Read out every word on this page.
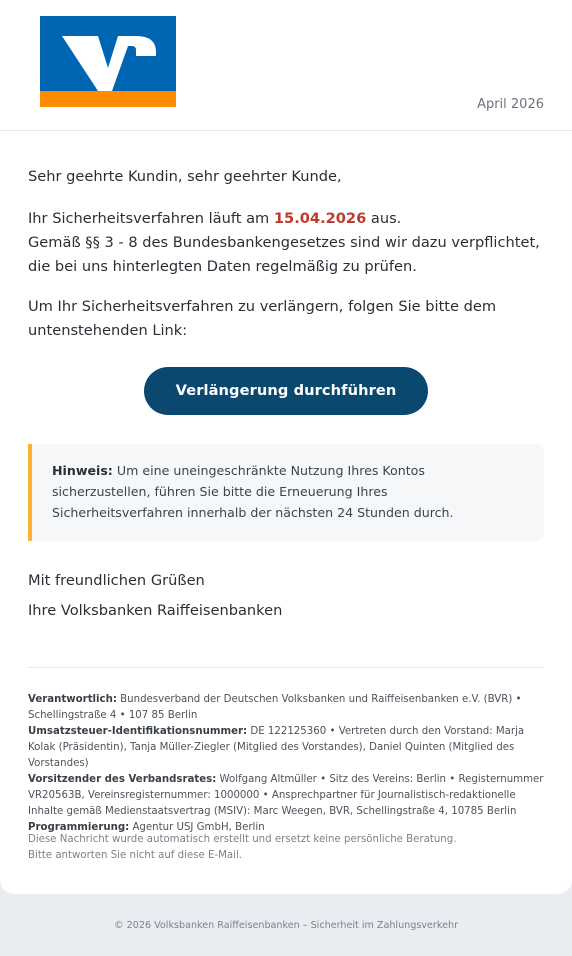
April 2026

Sehr geehrte Kundin, sehr geehrter Kunde,

Ihr Sicherheitsverfahren läuft am 15.04.2026 aus.
Gemäß §§ 3 - 8 des Bundesbankengesetzes sind wir dazu verpflichtet, die bei uns hinterlegten Daten regelmäßig zu prüfen.

Um Ihr Sicherheitsverfahren zu verlängern, folgen Sie bitte dem untenstehenden Link:

Verlängerung durchführen
Hinweis: Um eine uneingeschränkte Nutzung Ihres Kontos sicherzustellen, führen Sie bitte die Erneuerung Ihres Sicherheitsverfahren innerhalb der nächsten 24 Stunden durch.

Mit freundlichen Grüßen

Ihre Volksbanken Raiffeisenbanken

Verantwortlich: Bundesverband der Deutschen Volksbanken und Raiffeisenbanken e.V. (BVR) • Schellingstraße 4 • 107 85 Berlin
Umsatzsteuer-Identifikationsnummer: DE 122125360 • Vertreten durch den Vorstand: Marja Kolak (Präsidentin), Tanja Müller-Ziegler (Mitglied des Vorstandes), Daniel Quinten (Mitglied des Vorstandes)
Vorsitzender des Verbandsrates: Wolfgang Altmüller • Sitz des Vereins: Berlin • Registernummer VR20563B, Vereinsregisternummer: 1000000 • Ansprechpartner für Journalistisch-redaktionelle Inhalte gemäß Medienstaatsvertrag (MSIV): Marc Weegen, BVR, Schellingstraße 4, 10785 Berlin
Programmierung: Agentur USJ GmbH, Berlin
Diese Nachricht wurde automatisch erstellt und ersetzt keine persönliche Beratung.
Bitte antworten Sie nicht auf diese E-Mail.
© 2026 Volksbanken Raiffeisenbanken – Sicherheit im Zahlungsverkehr
